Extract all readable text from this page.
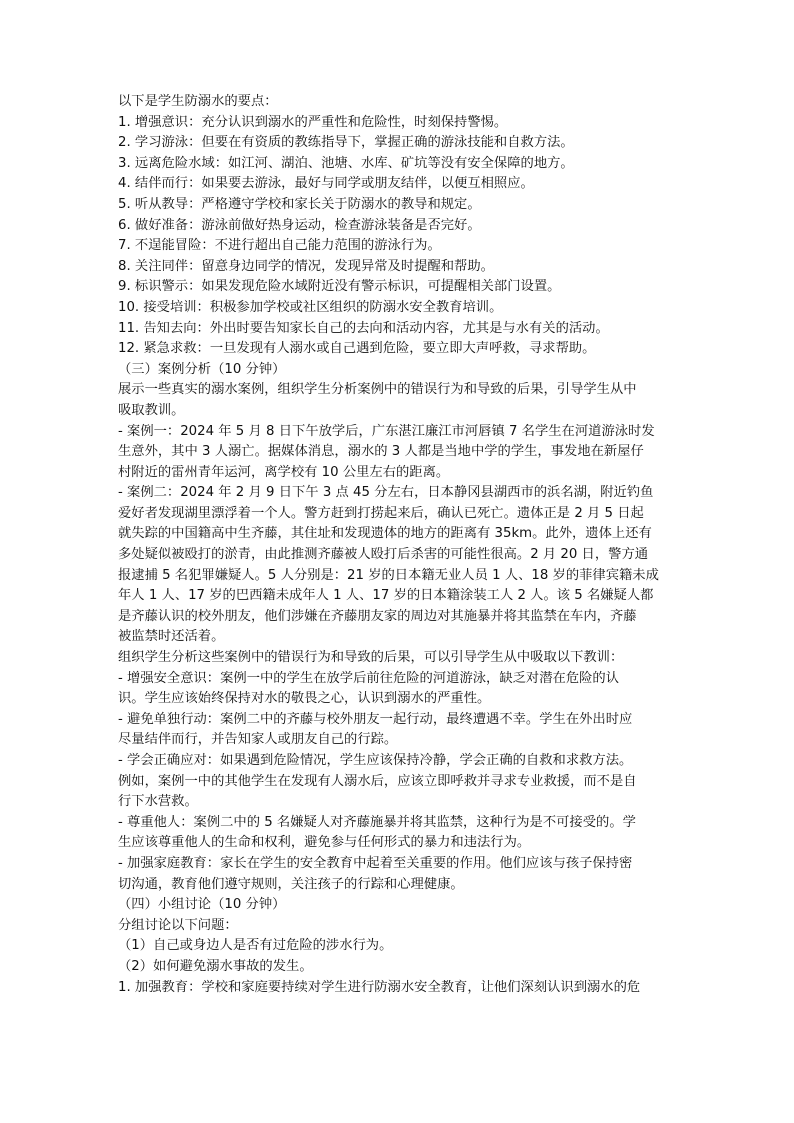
以下是学生防溺水的要点：
1. 增强意识：充分认识到溺水的严重性和危险性，时刻保持警惕。
2. 学习游泳：但要在有资质的教练指导下，掌握正确的游泳技能和自救方法。
3. 远离危险水域：如江河、湖泊、池塘、水库、矿坑等没有安全保障的地方。
4. 结伴而行：如果要去游泳，最好与同学或朋友结伴，以便互相照应。
5. 听从教导：严格遵守学校和家长关于防溺水的教导和规定。
6. 做好准备：游泳前做好热身运动，检查游泳装备是否完好。
7. 不逞能冒险：不进行超出自己能力范围的游泳行为。
8. 关注同伴：留意身边同学的情况，发现异常及时提醒和帮助。
9. 标识警示：如果发现危险水域附近没有警示标识，可提醒相关部门设置。
10. 接受培训：积极参加学校或社区组织的防溺水安全教育培训。
11. 告知去向：外出时要告知家长自己的去向和活动内容，尤其是与水有关的活动。
12. 紧急求救：一旦发现有人溺水或自己遇到危险，要立即大声呼救，寻求帮助。
（三）案例分析（10 分钟）
展示一些真实的溺水案例，组织学生分析案例中的错误行为和导致的后果，引导学生从中
吸取教训。
- 案例一：2024 年 5 月 8 日下午放学后，广东湛江廉江市河唇镇 7 名学生在河道游泳时发
生意外，其中 3 人溺亡。据媒体消息，溺水的 3 人都是当地中学的学生，事发地在新屋仔
村附近的雷州青年运河，离学校有 10 公里左右的距离。
- 案例二：2024 年 2 月 9 日下午 3 点 45 分左右，日本静冈县湖西市的浜名湖，附近钓鱼
爱好者发现湖里漂浮着一个人。警方赶到打捞起来后，确认已死亡。遗体正是 2 月 5 日起
就失踪的中国籍高中生齐藤，其住址和发现遗体的地方的距离有 35km。此外，遗体上还有
多处疑似被殴打的淤青，由此推测齐藤被人殴打后杀害的可能性很高。2 月 20 日，警方通
报逮捕 5 名犯罪嫌疑人。5 人分别是：21 岁的日本籍无业人员 1 人、18 岁的菲律宾籍未成
年人 1 人、17 岁的巴西籍未成年人 1 人、17 岁的日本籍涂装工人 2 人。该 5 名嫌疑人都
是齐藤认识的校外朋友，他们涉嫌在齐藤朋友家的周边对其施暴并将其监禁在车内，齐藤
被监禁时还活着。
组织学生分析这些案例中的错误行为和导致的后果，可以引导学生从中吸取以下教训：
- 增强安全意识：案例一中的学生在放学后前往危险的河道游泳，缺乏对潜在危险的认
识。学生应该始终保持对水的敬畏之心，认识到溺水的严重性。
- 避免单独行动：案例二中的齐藤与校外朋友一起行动，最终遭遇不幸。学生在外出时应
尽量结伴而行，并告知家人或朋友自己的行踪。
- 学会正确应对：如果遇到危险情况，学生应该保持冷静，学会正确的自救和求救方法。
例如，案例一中的其他学生在发现有人溺水后，应该立即呼救并寻求专业救援，而不是自
行下水营救。
- 尊重他人：案例二中的 5 名嫌疑人对齐藤施暴并将其监禁，这种行为是不可接受的。学
生应该尊重他人的生命和权利，避免参与任何形式的暴力和违法行为。
- 加强家庭教育：家长在学生的安全教育中起着至关重要的作用。他们应该与孩子保持密
切沟通，教育他们遵守规则，关注孩子的行踪和心理健康。
（四）小组讨论（10 分钟）
分组讨论以下问题：
（1）自己或身边人是否有过危险的涉水行为。
（2）如何避免溺水事故的发生。
1. 加强教育：学校和家庭要持续对学生进行防溺水安全教育，让他们深刻认识到溺水的危
